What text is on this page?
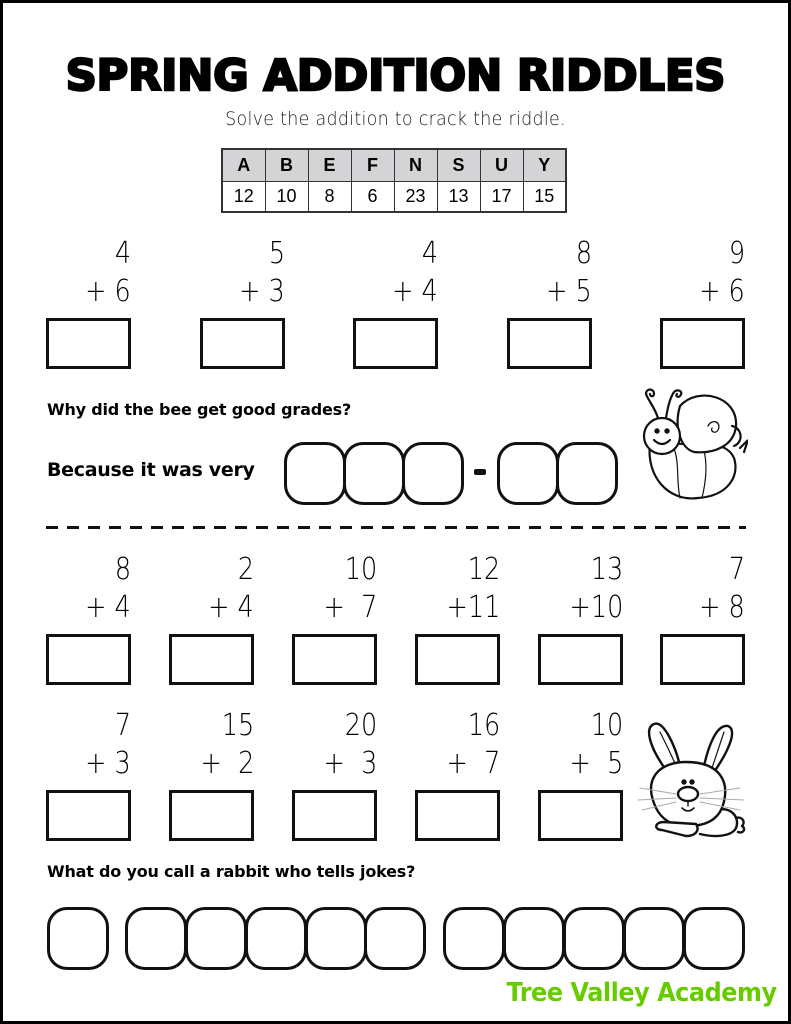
SPRING ADDITION RIDDLES
Solve the addition to crack the riddle.
A	B	E	F	N	S	U	Y
12	10	8	6	23	13	17	15
4
+ 6
5
+ 3
4
+ 4
8
+ 5
9
+ 6
Why did the bee get good grades?
Because it was very
8
+ 4
2
+ 4
10
+  7
12
+11
13
+10
7
+ 8
7
+ 3
15
+  2
20
+  3
16
+  7
10
+  5
What do you call a rabbit who tells jokes?
Tree Valley Academy
